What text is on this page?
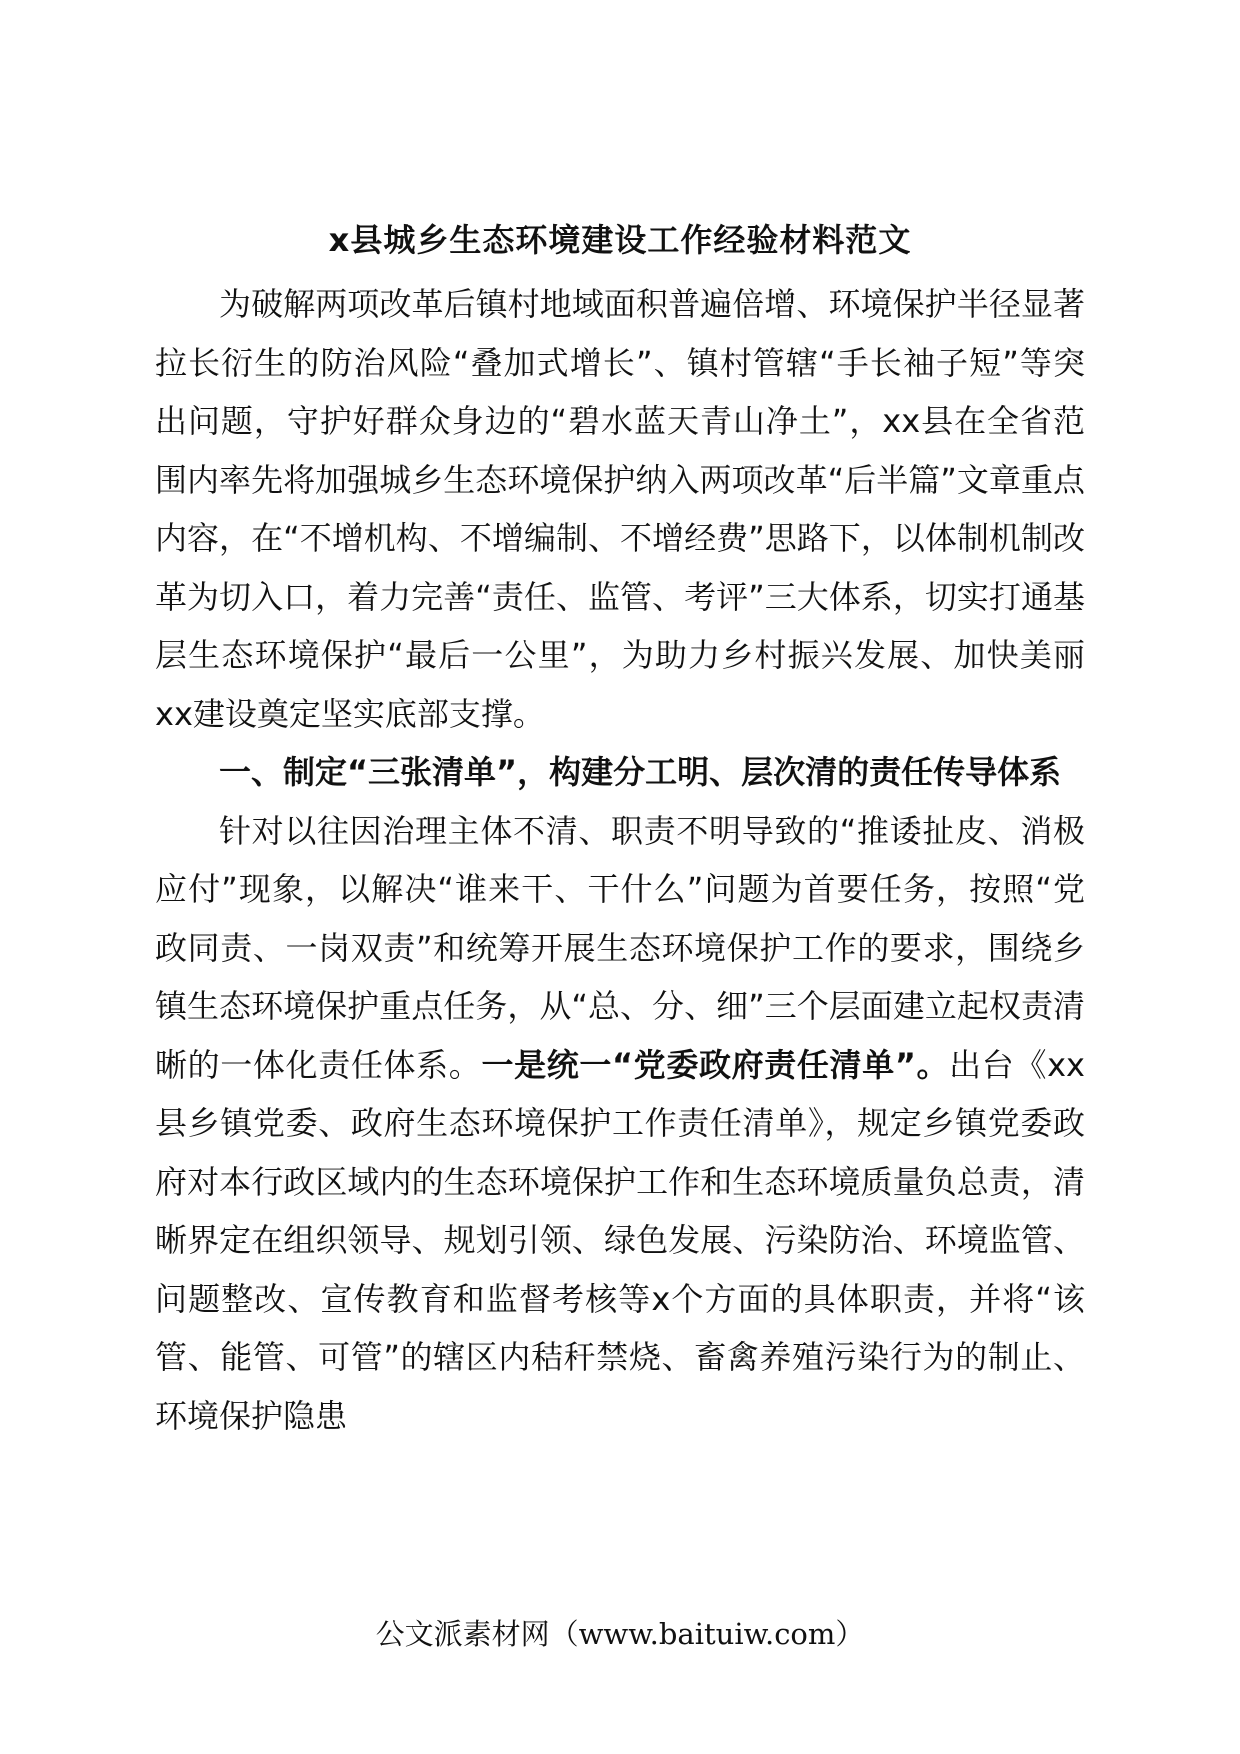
x县城乡生态环境建设工作经验材料范文

为破解两项改革后镇村地域面积普遍倍增、环境保护半径显著拉长衍生的防治风险“叠加式增长”、镇村管辖“手长袖子短”等突出问题，守护好群众身边的“碧水蓝天青山净土”，xx县在全省范围内率先将加强城乡生态环境保护纳入两项改革“后半篇”文章重点内容，在“不增机构、不增编制、不增经费”思路下，以体制机制改革为切入口，着力完善“责任、监管、考评”三大体系，切实打通基层生态环境保护“最后一公里”，为助力乡村振兴发展、加快美丽xx建设奠定坚实底部支撑。

一、制定“三张清单”，构建分工明、层次清的责任传导体系

针对以往因治理主体不清、职责不明导致的“推诿扯皮、消极应付”现象，以解决“谁来干、干什么”问题为首要任务，按照“党政同责、一岗双责”和统筹开展生态环境保护工作的要求，围绕乡镇生态环境保护重点任务，从“总、分、细”三个层面建立起权责清晰的一体化责任体系。一是统一“党委政府责任清单”。出台《xx县乡镇党委、政府生态环境保护工作责任清单》，规定乡镇党委政府对本行政区域内的生态环境保护工作和生态环境质量负总责，清晰界定在组织领导、规划引领、绿色发展、污染防治、环境监管、问题整改、宣传教育和监督考核等x个方面的具体职责，并将“该管、能管、可管”的辖区内秸秆禁烧、畜禽养殖污染行为的制止、环境保护隐患

公文派素材网（www.baituiw.com）
